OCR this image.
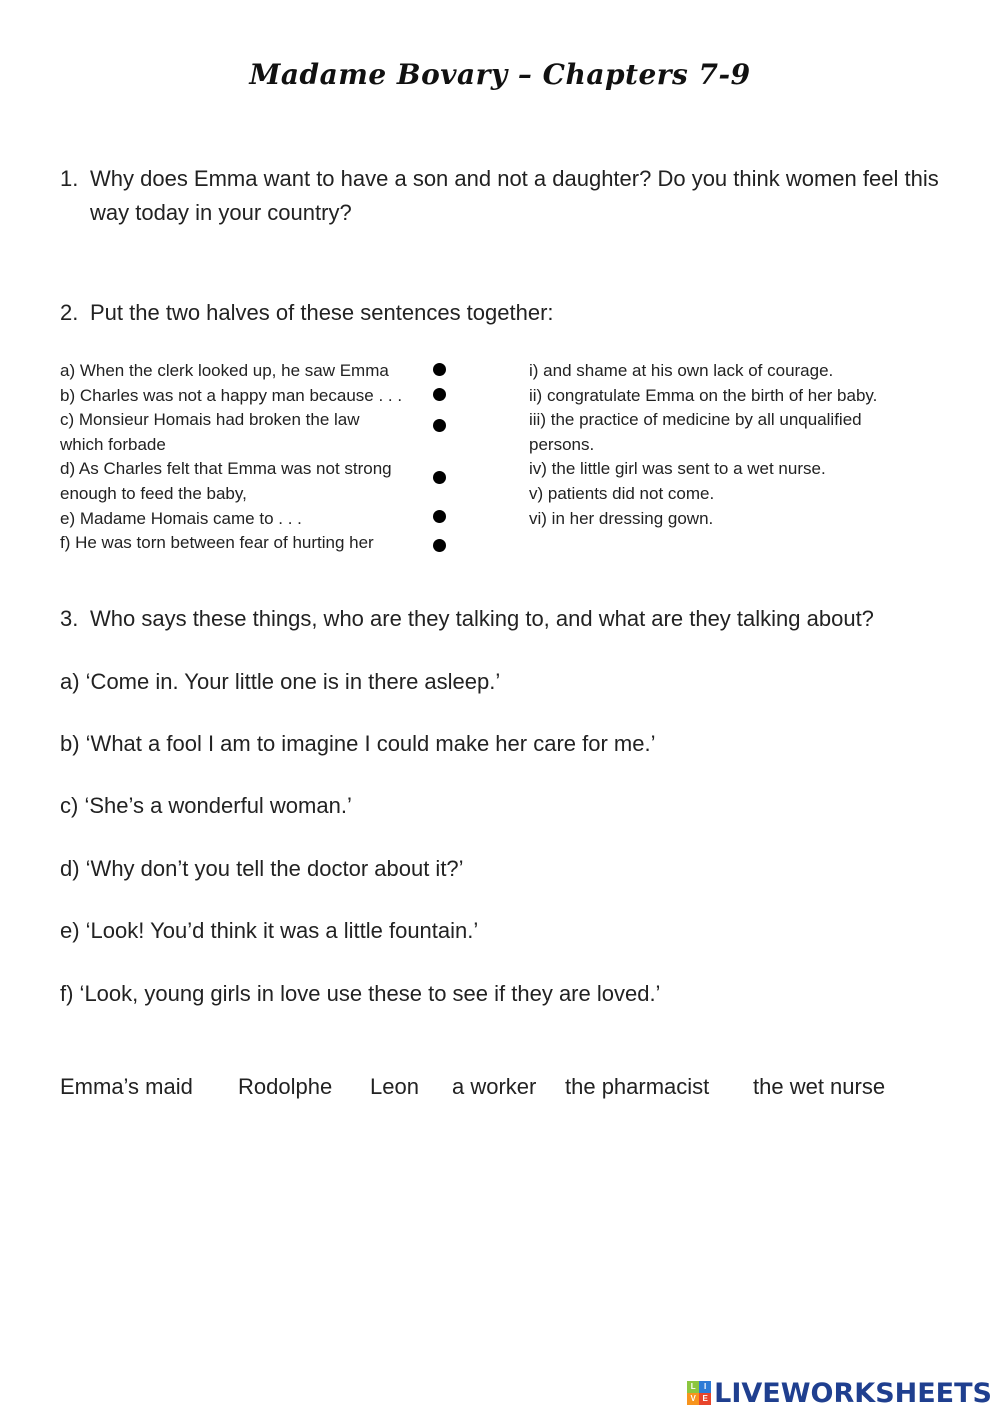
Madame Bovary – Chapters 7-9
1. Why does Emma want to have a son and not a daughter? Do you think women feel this way today in your country?
2. Put the two halves of these sentences together:
a) When the clerk looked up, he saw Emma
b) Charles was not a happy man because . . .
c) Monsieur Homais had broken the law
which forbade
d) As Charles felt that Emma was not strong
enough to feed the baby,
e) Madame Homais came to . . .
f) He was torn between fear of hurting her
i) and shame at his own lack of courage.
ii) congratulate Emma on the birth of her baby.
iii) the practice of medicine by all unqualified
persons.
iv) the little girl was sent to a wet nurse.
v) patients did not come.
vi) in her dressing gown.
3. Who says these things, who are they talking to, and what are they talking about?
a) ‘Come in. Your little one is in there asleep.’
b) ‘What a fool I am to imagine I could make her care for me.’
c) ‘She’s a wonderful woman.’
d) ‘Why don’t you tell the doctor about it?’
e) ‘Look! You’d think it was a little fountain.’
f) ‘Look, young girls in love use these to see if they are loved.’
Emma’s maid Rodolphe Leon a worker the pharmacist the wet nurse
L	I
V E LIVEWORKSHEETS
